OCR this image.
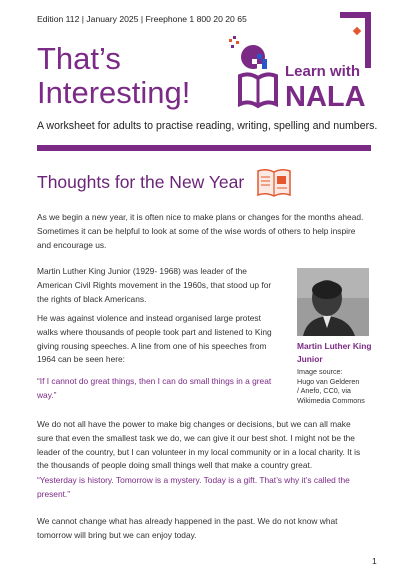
Edition 112 | January 2025 | Freephone 1 800 20 20 65
That’s
Interesting!
Learn with
NALA
A worksheet for adults to practise reading, writing, spelling and numbers.
Thoughts for the New Year
As we begin a new year, it is often nice to make plans or changes for the months ahead.
Sometimes it can be helpful to look at some of the wise words of others to help inspire
and encourage us.
Martin Luther King Junior (1929- 1968) was leader of the
American Civil Rights movement in the 1960s, that stood up for
the rights of black Americans.
He was against violence and instead organised large protest
walks where thousands of people took part and listened to King
giving rousing speeches. A line from one of his speeches from
1964 can be seen here:
“If I cannot do great things, then I can do small things in a great
way.”
We do not all have the power to make big changes or decisions, but we can all make
sure that even the smallest task we do, we can give it our best shot. I might not be the
leader of the country, but I can volunteer in my local community or in a local charity. It is
the thousands of people doing small things well that make a country great.
“Yesterday is history. Tomorrow is a mystery. Today is a gift. That’s why it’s called the
present.”
We cannot change what has already happened in the past. We do not know what
tomorrow will bring but we can enjoy today.
Martin Luther King
Junior
Image source:
Hugo van Gelderen
/ Anefo, CC0, via
Wikimedia Commons
1
